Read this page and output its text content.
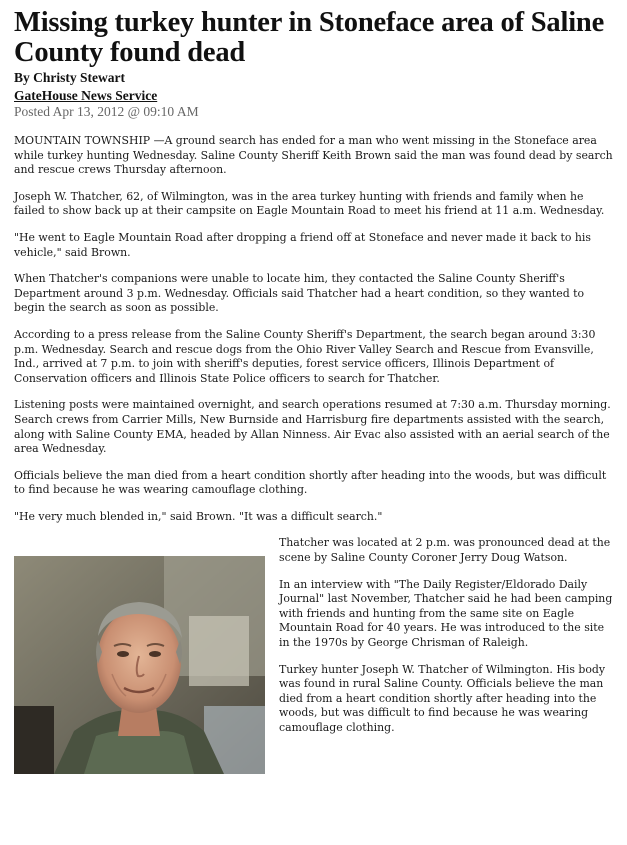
Missing turkey hunter in Stoneface area of Saline County found dead
By Christy Stewart
GateHouse News Service
Posted Apr 13, 2012 @ 09:10 AM

MOUNTAIN TOWNSHIP —A ground search has ended for a man who went missing in the Stoneface area while turkey hunting Wednesday. Saline County Sheriff Keith Brown said the man was found dead by search and rescue crews Thursday afternoon.

Joseph W. Thatcher, 62, of Wilmington, was in the area turkey hunting with friends and family when he failed to show back up at their campsite on Eagle Mountain Road to meet his friend at 11 a.m. Wednesday.

"He went to Eagle Mountain Road after dropping a friend off at Stoneface and never made it back to his vehicle," said Brown.

When Thatcher's companions were unable to locate him, they contacted the Saline County Sheriff's Department around 3 p.m. Wednesday. Officials said Thatcher had a heart condition, so they wanted to begin the search as soon as possible.

According to a press release from the Saline County Sheriff's Department, the search began around 3:30 p.m. Wednesday. Search and rescue dogs from the Ohio River Valley Search and Rescue from Evansville, Ind., arrived at 7 p.m. to join with sheriff's deputies, forest service officers, Illinois Department of Conservation officers and Illinois State Police officers to search for Thatcher.

Listening posts were maintained overnight, and search operations resumed at 7:30 a.m. Thursday morning. Search crews from Carrier Mills, New Burnside and Harrisburg fire departments assisted with the search, along with Saline County EMA, headed by Allan Ninness. Air Evac also assisted with an aerial search of the area Wednesday.

Officials believe the man died from a heart condition shortly after heading into the woods, but was difficult to find because he was wearing camouflage clothing.

"He very much blended in," said Brown. "It was a difficult search."

Thatcher was located at 2 p.m. was pronounced dead at the scene by Saline County Coroner Jerry Doug Watson.

In an interview with "The Daily Register/Eldorado Daily Journal" last November, Thatcher said he had been camping with friends and hunting from the same site on Eagle Mountain Road for 40 years. He was introduced to the site in the 1970s by George Chrisman of Raleigh.

Turkey hunter Joseph W. Thatcher of Wilmington. His body was found in rural Saline County. Officials believe the man died from a heart condition shortly after heading into the woods, but was difficult to find because he was wearing camouflage clothing.
